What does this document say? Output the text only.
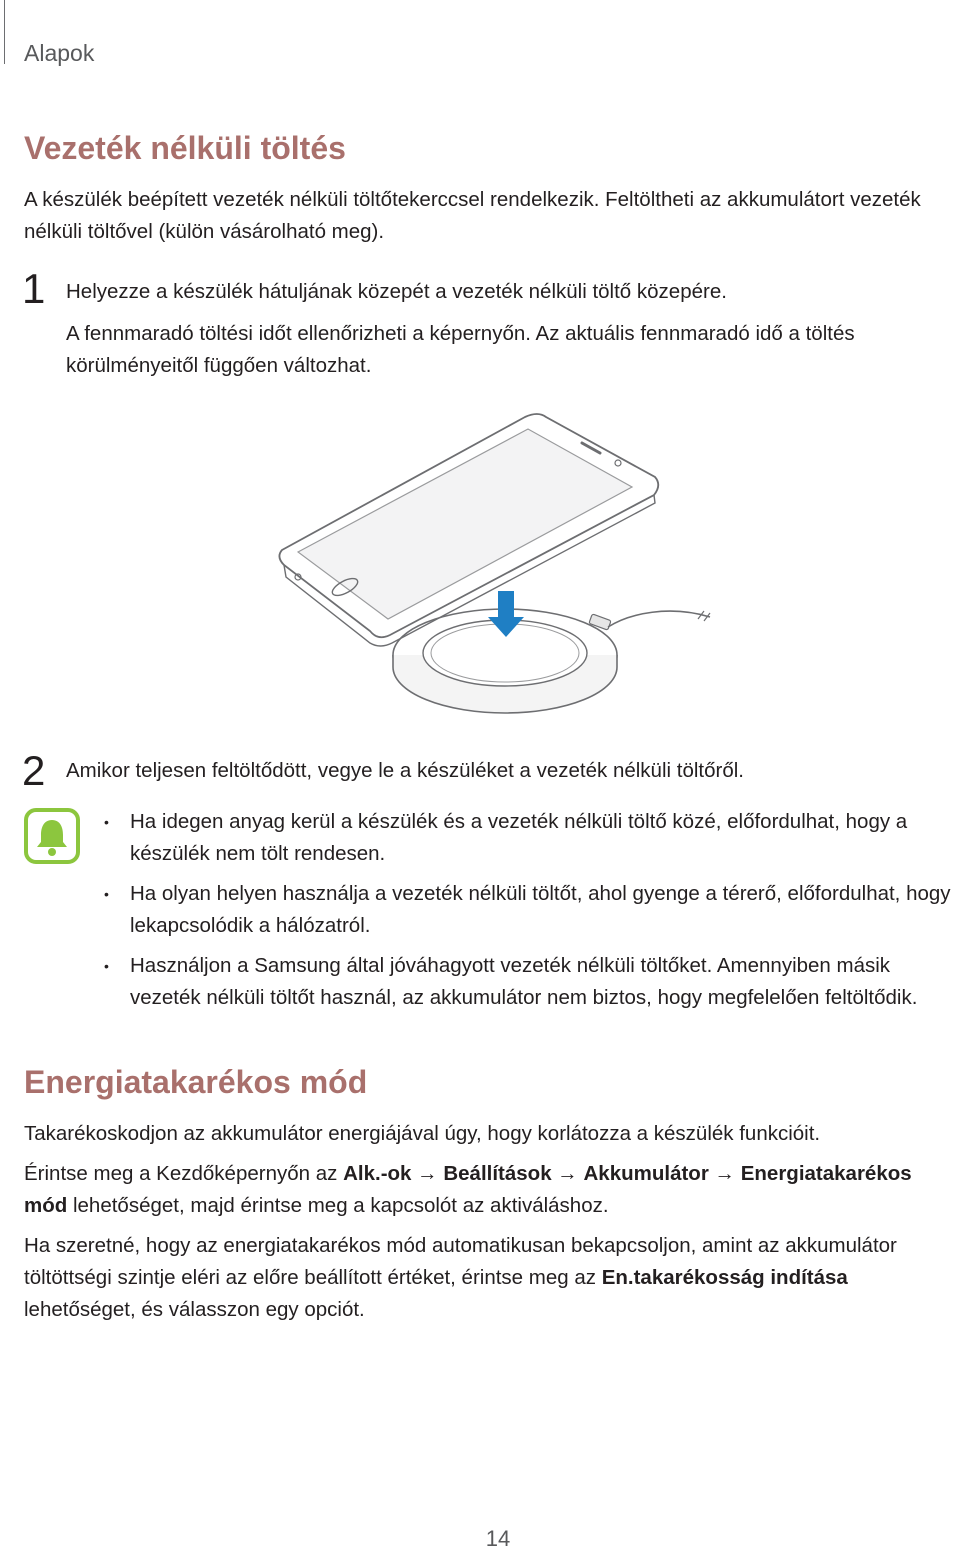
Alapok
Vezeték nélküli töltés

A készülék beépített vezeték nélküli töltőtekerccsel rendelkezik. Feltöltheti az akkumulátort vezeték nélküli töltővel (külön vásárolható meg).

1 Helyezze a készülék hátuljának közepét a vezeték nélküli töltő közepére.

A fennmaradó töltési időt ellenőrizheti a képernyőn. Az aktuális fennmaradó idő a töltés körülményeitől függően változhat.

2 Amikor teljesen feltöltődött, vegye le a készüléket a vezeték nélküli töltőről.

• Ha idegen anyag kerül a készülék és a vezeték nélküli töltő közé, előfordulhat, hogy a készülék nem tölt rendesen.

• Ha olyan helyen használja a vezeték nélküli töltőt, ahol gyenge a térerő, előfordulhat, hogy lekapcsolódik a hálózatról.

• Használjon a Samsung által jóváhagyott vezeték nélküli töltőket. Amennyiben másik vezeték nélküli töltőt használ, az akkumulátor nem biztos, hogy megfelelően feltöltődik.

Energiatakarékos mód

Takarékoskodjon az akkumulátor energiájával úgy, hogy korlátozza a készülék funkcióit.

Érintse meg a Kezdőképernyőn az Alk.-ok → Beállítások → Akkumulátor → Energiatakarékos mód lehetőséget, majd érintse meg a kapcsolót az aktiváláshoz.

Ha szeretné, hogy az energiatakarékos mód automatikusan bekapcsoljon, amint az akkumulátor töltöttségi szintje eléri az előre beállított értéket, érintse meg az En.takarékosság indítása lehetőséget, és válasszon egy opciót.

14
